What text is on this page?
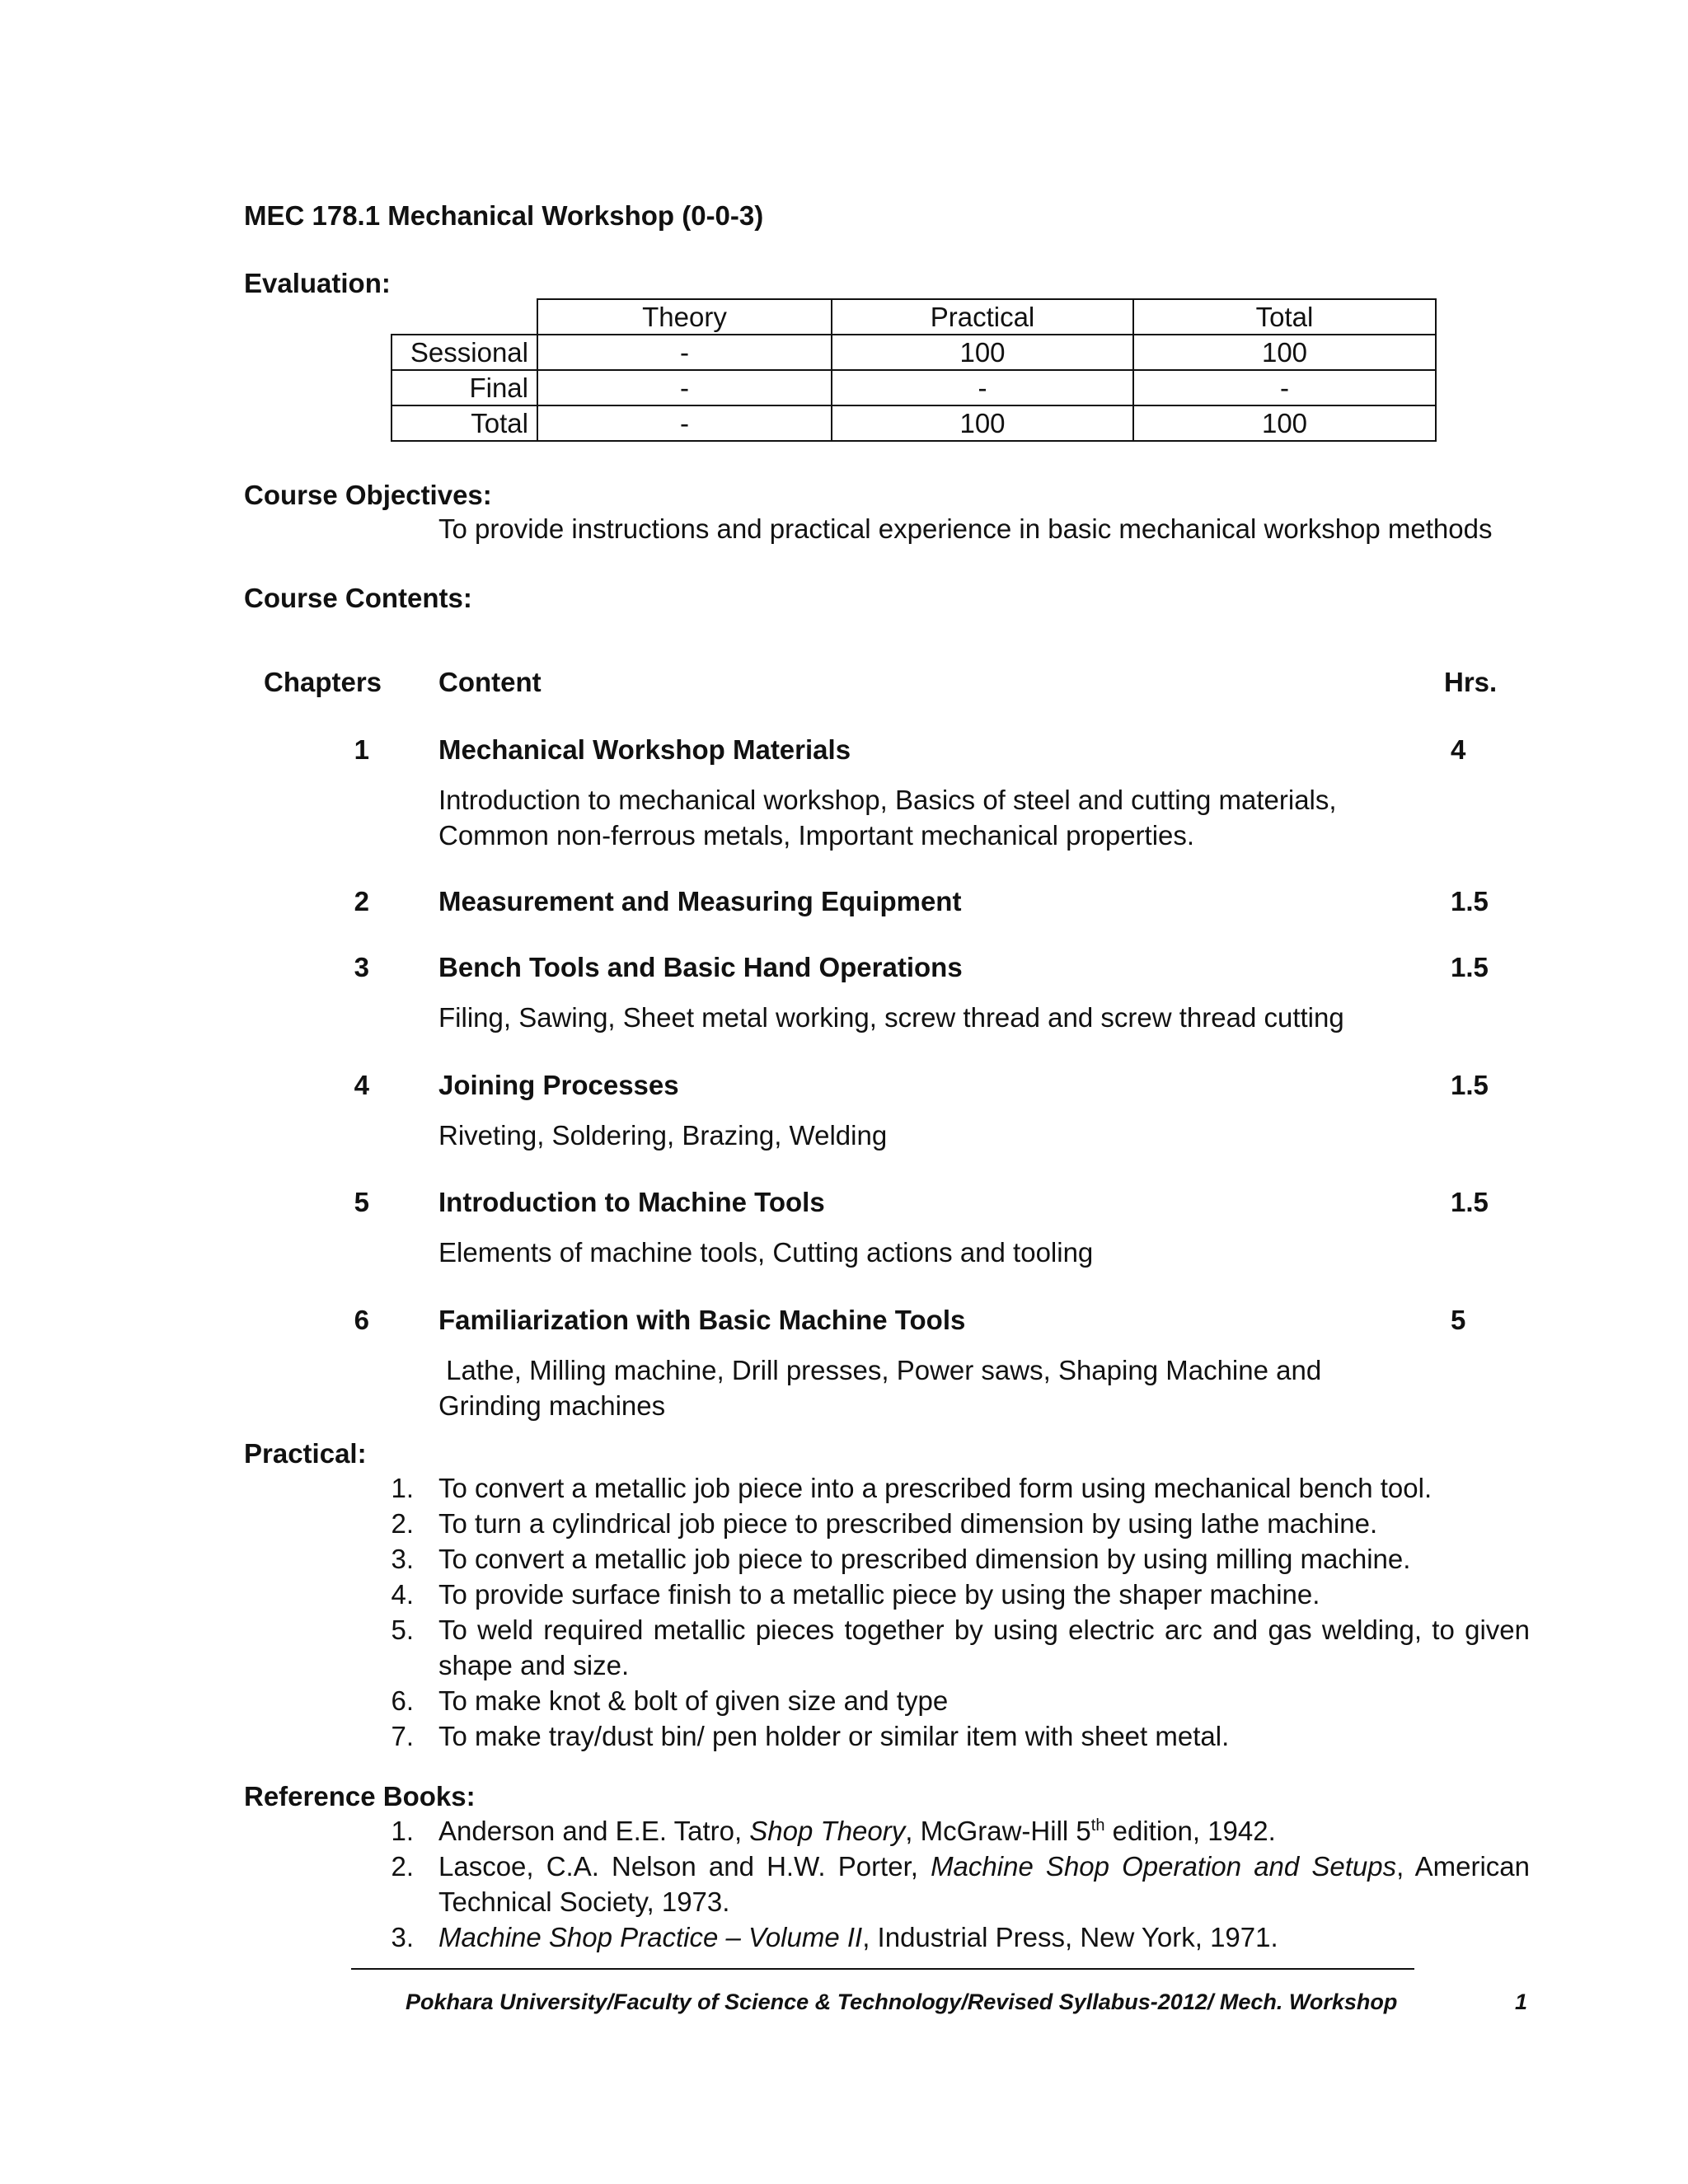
MEC 178.1 Mechanical Workshop (0-0-3)
Evaluation:
	Theory	Practical	Total
Sessional	-	100	100
Final	-	-	-
Total	-	100	100
Course Objectives:
To provide instructions and practical experience in basic mechanical workshop methods
Course Contents:
Chapters Content	Hrs.
1	Mechanical Workshop Materials	4
Introduction to mechanical workshop, Basics of steel and cutting materials, Common non-ferrous metals, Important mechanical properties.
2	Measurement and Measuring Equipment	1.5
3	Bench Tools and Basic Hand Operations	1.5
Filing, Sawing, Sheet metal working, screw thread and screw thread cutting
4	Joining Processes	1.5
Riveting, Soldering, Brazing, Welding
5	Introduction to Machine Tools	1.5
Elements of machine tools, Cutting actions and tooling
6	Familiarization with Basic Machine Tools	5
Lathe, Milling machine, Drill presses, Power saws, Shaping Machine and Grinding machines
Practical:
1. To convert a metallic job piece into a prescribed form using mechanical bench tool.
2. To turn a cylindrical job piece to prescribed dimension by using lathe machine.
3. To convert a metallic job piece to prescribed dimension by using milling machine.
4. To provide surface finish to a metallic piece by using the shaper machine.
5. To weld required metallic pieces together by using electric arc and gas welding, to given shape and size.
6. To make knot & bolt of given size and type
7. To make tray/dust bin/ pen holder or similar item with sheet metal.
Reference Books:
1. Anderson and E.E. Tatro, Shop Theory, McGraw-Hill 5th edition, 1942.
2. Lascoe, C.A. Nelson and H.W. Porter, Machine Shop Operation and Setups, American Technical Society, 1973.
3. Machine Shop Practice – Volume II, Industrial Press, New York, 1971.
Pokhara University/Faculty of Science & Technology/Revised Syllabus-2012/ Mech. Workshop	1
